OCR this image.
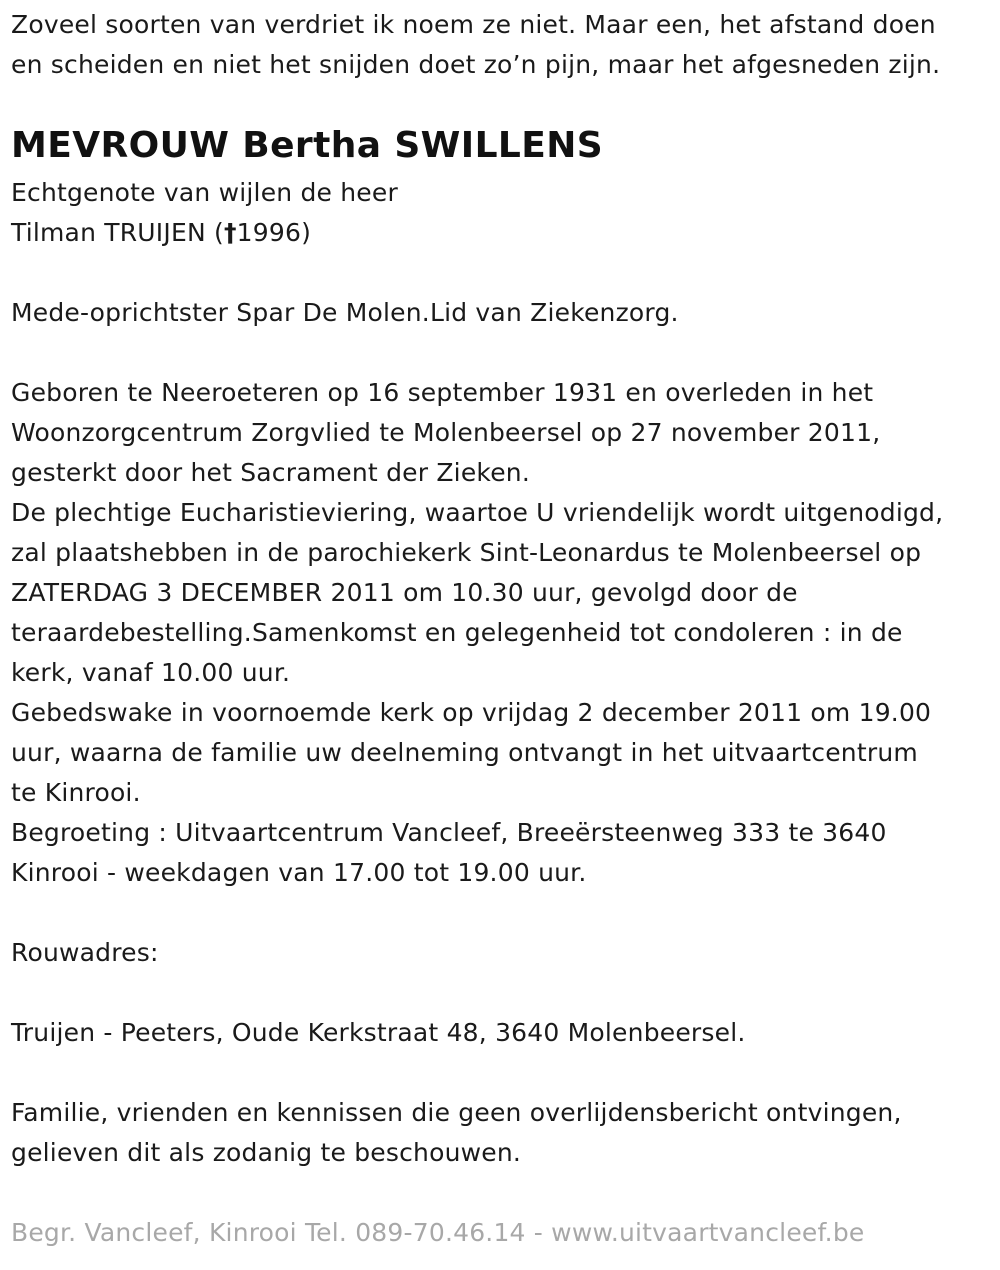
Zoveel soorten van verdriet ik noem ze niet. Maar een, het afstand doen
en scheiden en niet het snijden doet zo’n pijn, maar het afgesneden zijn.
MEVROUW Bertha SWILLENS
Echtgenote van wijlen de heer
Tilman TRUIJEN (†1996)
Mede-oprichtster Spar De Molen.Lid van Ziekenzorg.
Geboren te Neeroeteren op 16 september 1931 en overleden in het
Woonzorgcentrum Zorgvlied te Molenbeersel op 27 november 2011,
gesterkt door het Sacrament der Zieken.
De plechtige Eucharistieviering, waartoe U vriendelijk wordt uitgenodigd,
zal plaatshebben in de parochiekerk Sint-Leonardus te Molenbeersel op
ZATERDAG 3 DECEMBER 2011 om 10.30 uur, gevolgd door de
teraardebestelling.Samenkomst en gelegenheid tot condoleren : in de
kerk, vanaf 10.00 uur.
Gebedswake in voornoemde kerk op vrijdag 2 december 2011 om 19.00
uur, waarna de familie uw deelneming ontvangt in het uitvaartcentrum
te Kinrooi.
Begroeting : Uitvaartcentrum Vancleef, Breeërsteenweg 333 te 3640
Kinrooi - weekdagen van 17.00 tot 19.00 uur.
Rouwadres:
Truijen - Peeters, Oude Kerkstraat 48, 3640 Molenbeersel.
Familie, vrienden en kennissen die geen overlijdensbericht ontvingen,
gelieven dit als zodanig te beschouwen.
Begr. Vancleef, Kinrooi Tel. 089-70.46.14 - www.uitvaartvancleef.be
